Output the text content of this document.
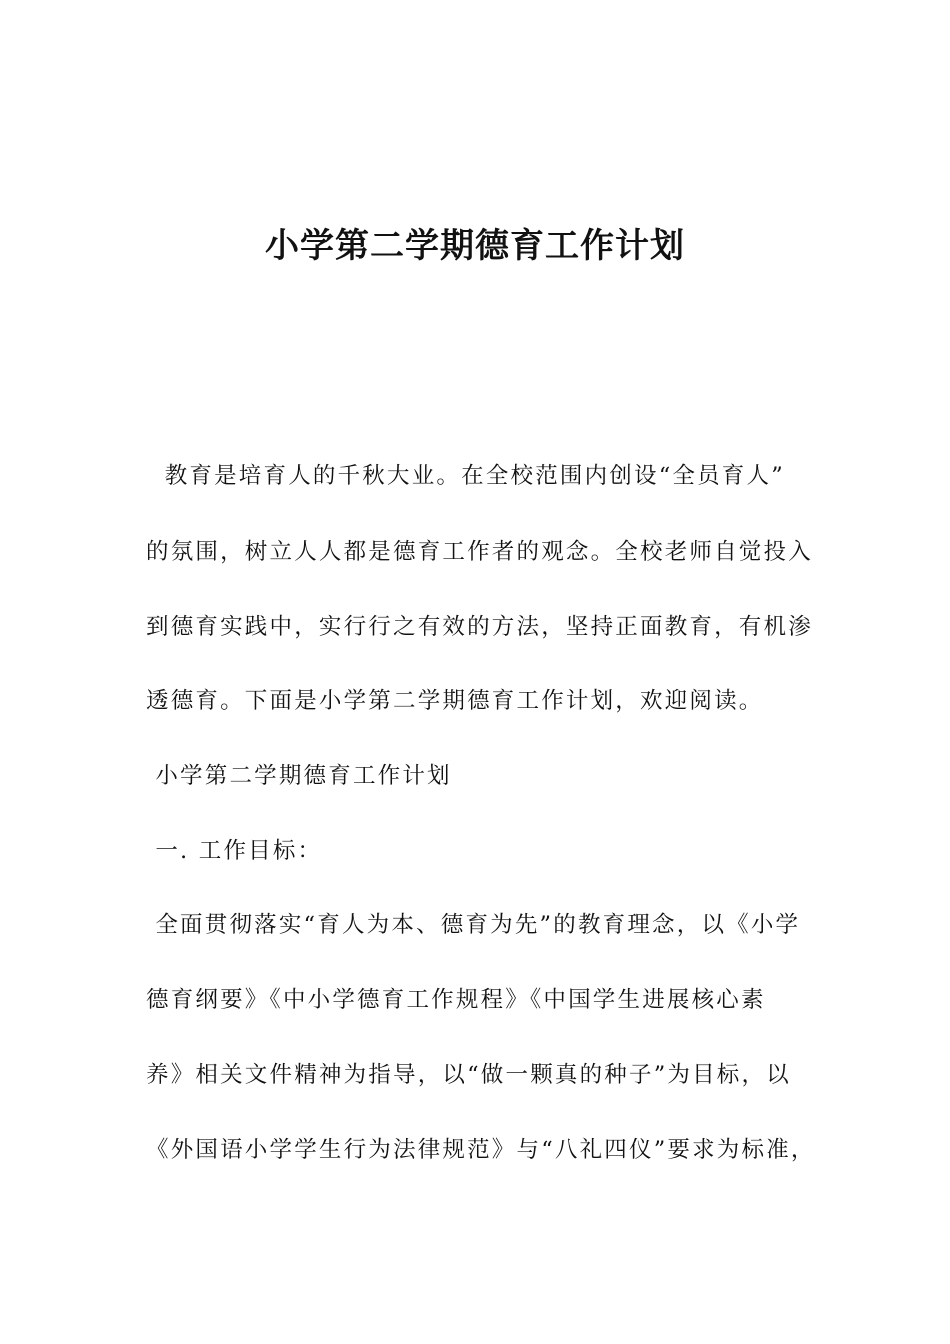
小学第二学期德育工作计划

教育是培育人的千秋大业。在全校范围内创设“全员育人”

的氛围，树立人人都是德育工作者的观念。全校老师自觉投入

到德育实践中，实行行之有效的方法，坚持正面教育，有机渗

透德育。下面是小学第二学期德育工作计划，欢迎阅读。

小学第二学期德育工作计划

一. 工作目标：

全面贯彻落实“育人为本、德育为先”的教育理念，以《小学

德育纲要》《中小学德育工作规程》《中国学生进展核心素

养》相关文件精神为指导，以“做一颗真的种子”为目标，以

《外国语小学学生行为法律规范》与“八礼四仪”要求为标准，
